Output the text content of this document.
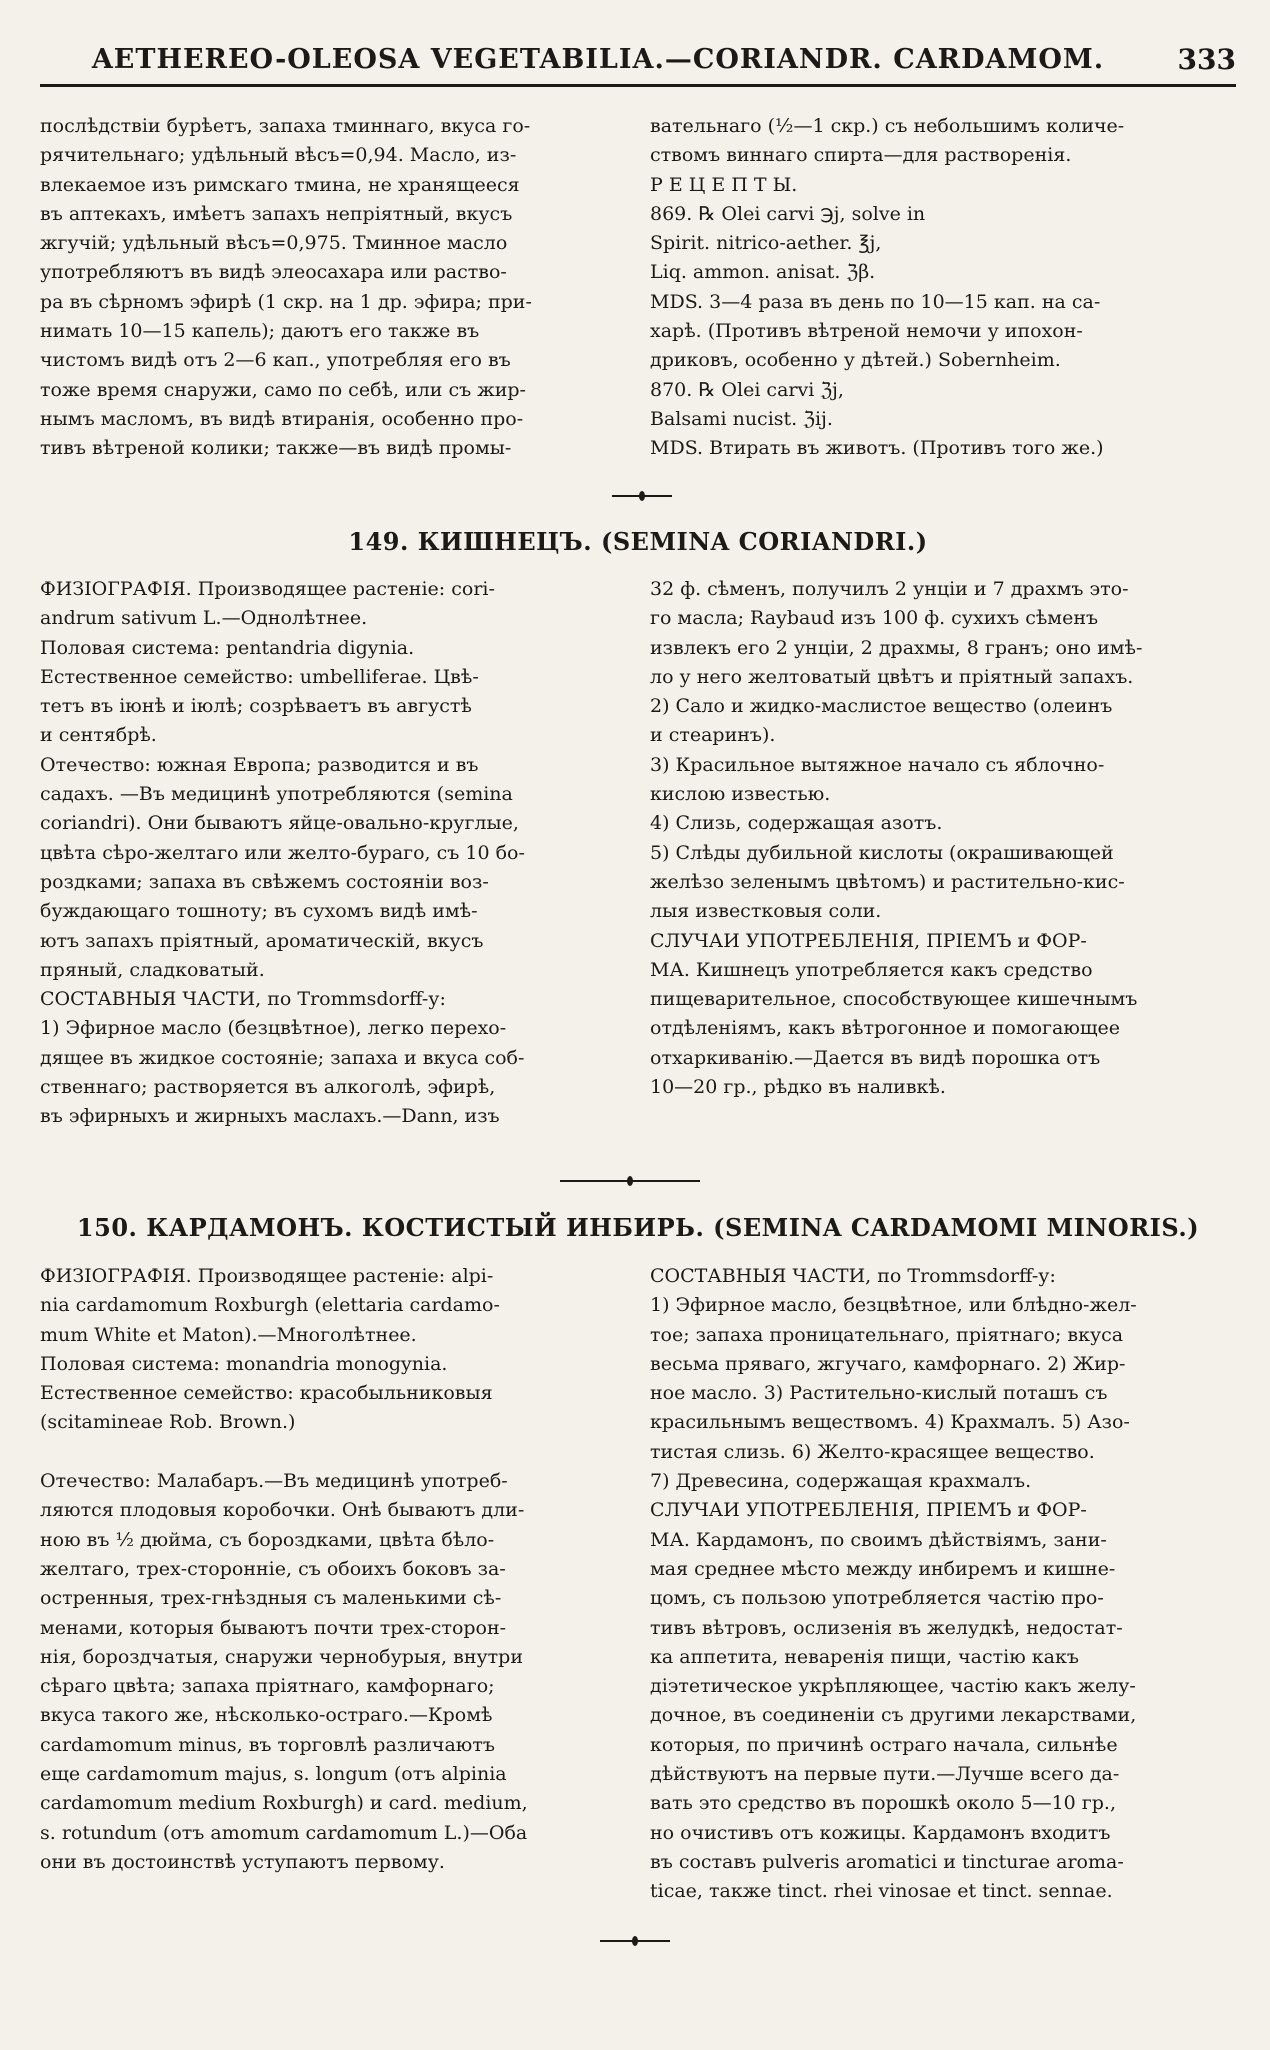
AETHEREO-OLEOSA VEGETABILIA.—CORIANDR. CARDAMOM.	333

послѣдствіи бурѣетъ, запаха тминнаго, вкуса го-

рячительнаго; удѣльный вѣсъ=0,94. Масло, из-

влекаемое изъ римскаго тмина, не хранящееся

въ аптекахъ, имѣетъ запахъ непріятный, вкусъ

жгучій; удѣльный вѣсъ=0,975. Тминное масло

употребляютъ въ видѣ элеосахара или раство-

ра въ сѣрномъ эфирѣ (1 скр. на 1 др. эфира; при-

нимать 10—15 капель); даютъ его также въ

чистомъ видѣ отъ 2—6 кап., употребляя его въ

тоже время снаружи, само по себѣ, или съ жир-

нымъ масломъ, въ видѣ втиранія, особенно про-

тивъ вѣтреной колики; также—въ видѣ промы-

вательнаго (½—1 скр.) съ небольшимъ количе-

ствомъ виннаго спирта—для растворенія.

Р Е Ц Е П Т Ы.

869. ℞ Olei carvi ℈j, solve in

Spirit. nitrico-aether. ℥j,

Liq. ammon. anisat. ℨβ.

MDS. 3—4 раза въ день по 10—15 кап. на са-

харѣ. (Противъ вѣтреной немочи у ипохон-

дриковъ, особенно у дѣтей.) Sobernheim.

870. ℞ Olei carvi ℨj,

Balsami nucist. ℨij.

MDS. Втирать въ животъ. (Противъ того же.)

149. КИШНЕЦЪ. (SEMINA CORIANDRI.)

ФИЗІОГРАФІЯ. Производящее растеніе: cori-

andrum sativum L.—Однолѣтнее.

Половая система: pentandria digynia.

Естественное семейство: umbelliferae. Цвѣ-

тетъ въ іюнѣ и іюлѣ; созрѣваетъ въ августѣ

и сентябрѣ.

Отечество: южная Европа; разводится и въ

садахъ. —Въ медицинѣ употребляются (semina

coriandri). Они бываютъ яйце-овально-круглые,

цвѣта сѣро-желтаго или желто-бураго, съ 10 бо-

роздками; запаха въ свѣжемъ состояніи воз-

буждающаго тошноту; въ сухомъ видѣ имѣ-

ютъ запахъ пріятный, ароматическій, вкусъ

пряный, сладковатый.

СОСТАВНЫЯ ЧАСТИ, по Trommsdorff-у:

1) Эфирное масло (безцвѣтное), легко перехо-

дящее въ жидкое состояніе; запаха и вкуса соб-

ственнаго; растворяется въ алкоголѣ, эфирѣ,

въ эфирныхъ и жирныхъ маслахъ.—Dann, изъ

32 ф. сѣменъ, получилъ 2 унціи и 7 драхмъ это-

го масла; Raybaud изъ 100 ф. сухихъ сѣменъ

извлекъ его 2 унціи, 2 драхмы, 8 гранъ; оно имѣ-

ло у него желтоватый цвѣтъ и пріятный запахъ.

2) Сало и жидко-маслистое вещество (олеинъ

и стеаринъ).

3) Красильное вытяжное начало съ яблочно-

кислою известью.

4) Слизь, содержащая азотъ.

5) Слѣды дубильной кислоты (окрашивающей

желѣзо зеленымъ цвѣтомъ) и растительно-кис-

лыя известковыя соли.

СЛУЧАИ УПОТРЕБЛЕНІЯ, ПРІЕМЪ и ФОР-

МА. Кишнецъ употребляется какъ средство

пищеварительное, способствующее кишечнымъ

отдѣленіямъ, какъ вѣтрогонное и помогающее

отхаркиванію.—Дается въ видѣ порошка отъ

10—20 гр., рѣдко въ наливкѣ.

150. КАРДАМОНЪ. КОСТИСТЫЙ ИНБИРЬ. (SEMINA CARDAMOMI MINORIS.)

ФИЗІОГРАФІЯ. Производящее растеніе: alpi-

nia cardamomum Roxburgh (elettaria cardamo-

mum White et Maton).—Многолѣтнее.

Половая система: monandria monogynia.

Естественное семейство: красобыльниковыя

(scitamineae Rob. Brown.)

Отечество: Малабаръ.—Въ медицинѣ употреб-

ляются плодовыя коробочки. Онѣ бываютъ дли-

ною въ ½ дюйма, съ бороздками, цвѣта бѣло-

желтаго, трех-сторонніе, съ обоихъ боковъ за-

остренныя, трех-гнѣздныя съ маленькими сѣ-

менами, которыя бываютъ почти трех-сторон-

нія, бороздчатыя, снаружи чернобурыя, внутри

сѣраго цвѣта; запаха пріятнаго, камфорнаго;

вкуса такого же, нѣсколько-остраго.—Кромѣ

cardamomum minus, въ торговлѣ различаютъ

еще cardamomum majus, s. longum (отъ alpinia

cardamomum medium Roxburgh) и card. medium,

s. rotundum (отъ amomum cardamomum L.)—Оба

они въ достоинствѣ уступаютъ первому.

СОСТАВНЫЯ ЧАСТИ, по Trommsdorff-у:

1) Эфирное масло, безцвѣтное, или блѣдно-жел-

тое; запаха проницательнаго, пріятнаго; вкуса

весьма пряваго, жгучаго, камфорнаго. 2) Жир-

ное масло. 3) Растительно-кислый поташъ съ

красильнымъ веществомъ. 4) Крахмалъ. 5) Азо-

тистая слизь. 6) Желто-красящее вещество.

7) Древесина, содержащая крахмалъ.

СЛУЧАИ УПОТРЕБЛЕНІЯ, ПРІЕМЪ и ФОР-

МА. Кардамонъ, по своимъ дѣйствіямъ, зани-

мая среднее мѣсто между инбиремъ и кишне-

цомъ, съ пользою употребляется частію про-

тивъ вѣтровъ, ослизенія въ желудкѣ, недостат-

ка аппетита, неваренія пищи, частію какъ

діэтетическое укрѣпляющее, частію какъ желу-

дочное, въ соединеніи съ другими лекарствами,

которыя, по причинѣ остраго начала, сильнѣе

дѣйствуютъ на первые пути.—Лучше всего да-

вать это средство въ порошкѣ около 5—10 гр.,

но очистивъ отъ кожицы. Кардамонъ входитъ

въ составъ pulveris aromatici и tincturae aroma-

ticae, также tinct. rhei vinosae et tinct. sennae.
